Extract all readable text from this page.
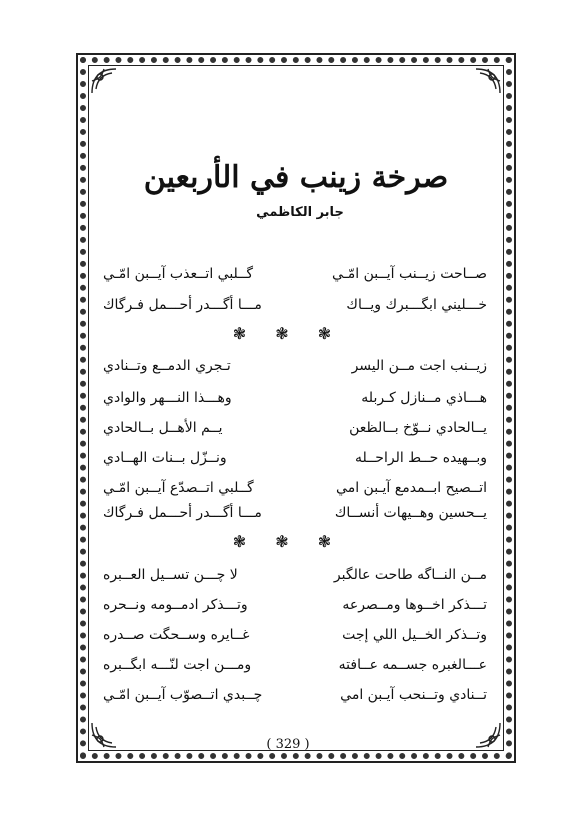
صرخة زينب في الأربعين
جابر الكاظمي
صــاحت زيــنب آيــبن امّـي
گــلبي اتــعذب آيــبن امّـي
خـــليني ابگـــبرك ويــاك
مـــا أگـــدر أحـــمل فـرگاك
❃ ❃ ❃
زيــنب اجت مــن اليسر
تـجري الدمــع وتــنادي
هـــاذي مــنازل كـربله
وهـــذا النـــهر والوادي
يــالحادي نــوّخ بــالظعن
يــم الأهــل بــالحادي
وبــهيده حــط الراحــله
ونــزّل بــنات الهــادي
اتــصيح ابــمدمع آيـبن امي
گــلبي اتــصدّع آيــبن امّـي
يــحسين وهــيهات أنســاك
مـــا أگـــدر أحـــمل فـرگاك
❃ ❃ ❃
مــن النــاگه طاحت عالگبر
لا چـــن تســيل العــبره
تـــذكر اخــوها ومــصرعه
وتـــذكر ادمــومه ونــحره
وتــذكر الخــيل اللي إجت
غــايره وســحگت صــدره
عـــالغبره جســمه عــافته
ومـــن اجت لنّـــه ابگــبره
تــنادي وتــنحب آيـبن امي
چــبدي اتــصوّب آيــبن امّـي
( 329 )
